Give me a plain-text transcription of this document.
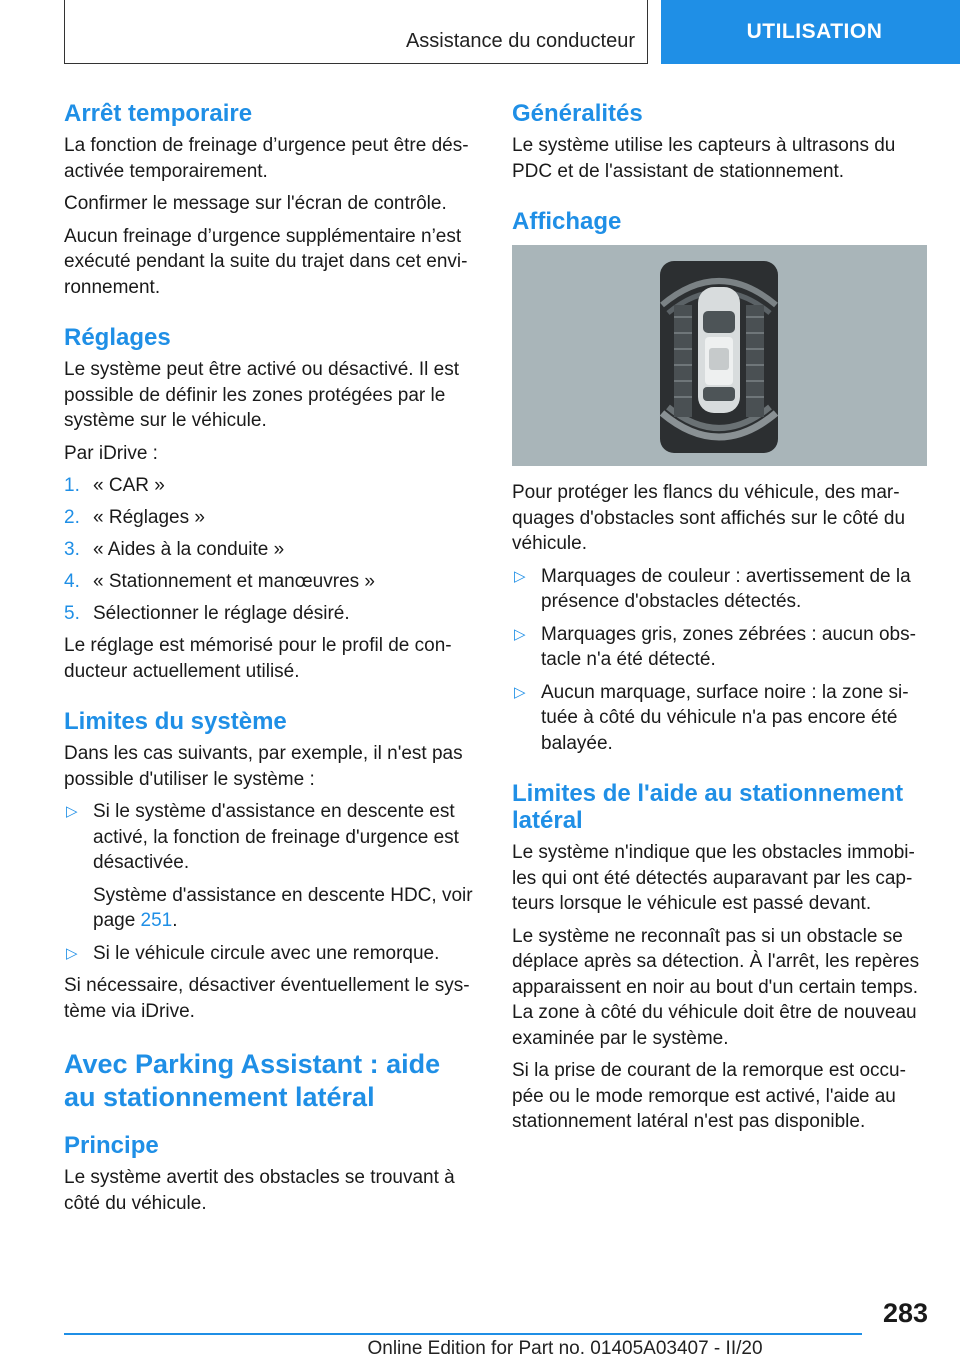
Assistance du conducteur	UTILISATION
Arrêt temporaire

La fonction de freinage d’urgence peut être désactivée temporairement.

Confirmer le message sur l'écran de contrôle.

Aucun freinage d’urgence supplémentaire n’est exécuté pendant la suite du trajet dans cet environnement.

Réglages

Le système peut être activé ou désactivé. Il est possible de définir les zones protégées par le système sur le véhicule.

Par iDrive :

1. « CAR »
2. « Réglages »
3. « Aides à la conduite »
4. « Stationnement et manœuvres »
5. Sélectionner le réglage désiré.

Le réglage est mémorisé pour le profil de conducteur actuellement utilisé.

Limites du système

Dans les cas suivants, par exemple, il n'est pas possible d'utiliser le système :

▷ Si le système d'assistance en descente est activé, la fonction de freinage d'urgence est désactivée.
Système d'assistance en descente HDC, voir page 251.
▷ Si le véhicule circule avec une remorque.

Si nécessaire, désactiver éventuellement le système via iDrive.

Avec Parking Assistant : aide au stationnement latéral
Principe

Le système avertit des obstacles se trouvant à côté du véhicule.

Généralités

Le système utilise les capteurs à ultrasons du PDC et de l'assistant de stationnement.

Affichage

Pour protéger les flancs du véhicule, des marquages d'obstacles sont affichés sur le côté du véhicule.

▷ Marquages de couleur : avertissement de la présence d'obstacles détectés.
▷ Marquages gris, zones zébrées : aucun obstacle n'a été détecté.
▷ Aucun marquage, surface noire : la zone située à côté du véhicule n'a pas encore été balayée.
Limites de l'aide au stationnement latéral

Le système n'indique que les obstacles immobiles qui ont été détectés auparavant par les capteurs lorsque le véhicule est passé devant.

Le système ne reconnaît pas si un obstacle se déplace après sa détection. À l'arrêt, les repères apparaissent en noir au bout d'un certain temps. La zone à côté du véhicule doit être de nouveau examinée par le système.

Si la prise de courant de la remorque est occupée ou le mode remorque est activé, l'aide au stationnement latéral n'est pas disponible.

283
Online Edition for Part no. 01405A03407 - II/20
